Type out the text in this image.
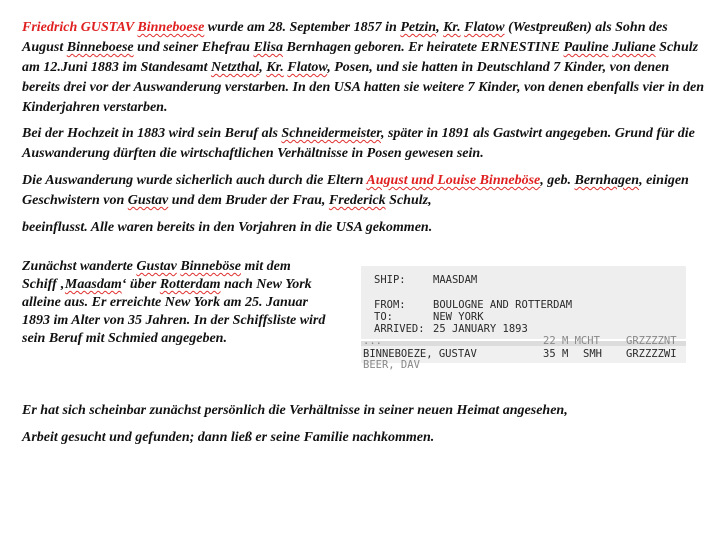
Friedrich GUSTAV Binneboese wurde am 28. September 1857 in Petzin, Kr. Flatow (Westpreußen) als Sohn des August Binneboese und seiner Ehefrau Elisa Bernhagen geboren. Er heiratete ERNESTINE Pauline Juliane Schulz am 12.Juni 1883 im Standesamt Netzthal, Kr. Flatow, Posen, und sie hatten in Deutschland 7 Kinder, von denen bereits drei vor der Auswanderung verstarben. In den USA hatten sie weitere 7 Kinder, von denen ebenfalls vier in den Kinderjahren verstarben.

Bei der Hochzeit in 1883 wird sein Beruf als Schneidermeister, später in 1891 als Gastwirt angegeben. Grund für die Auswanderung dürften die wirtschaftlichen Verhältnisse in Posen gewesen sein.

Die Auswanderung wurde sicherlich auch durch die Eltern August und Louise Binneböse, geb. Bernhagen, einigen Geschwistern von Gustav und dem Bruder der Frau, Frederick Schulz,

beeinflusst. Alle waren bereits in den Vorjahren in die USA gekommen.

Zunächst wanderte Gustav Binneböse mit dem Schiff ‚Maasdam‘ über Rotterdam nach New York alleine aus. Er erreichte New York am 25. Januar 1893 im Alter von 35 Jahren. In der Schiffsliste wird sein Beruf mit Schmied angegeben.

SHIP:	MAASDAM
FROM:	BOULOGNE AND ROTTERDAM
TO:	NEW YORK
ARRIVED: 25 JANUARY 1893
...	22 M MCHT GRZZZZNT
BINNEBOEZE, GUSTAV	35 M SMH GRZZZZWI
BEER, DAV

Er hat sich scheinbar zunächst persönlich die Verhältnisse in seiner neuen Heimat angesehen,

Arbeit gesucht und gefunden; dann ließ er seine Familie nachkommen.
